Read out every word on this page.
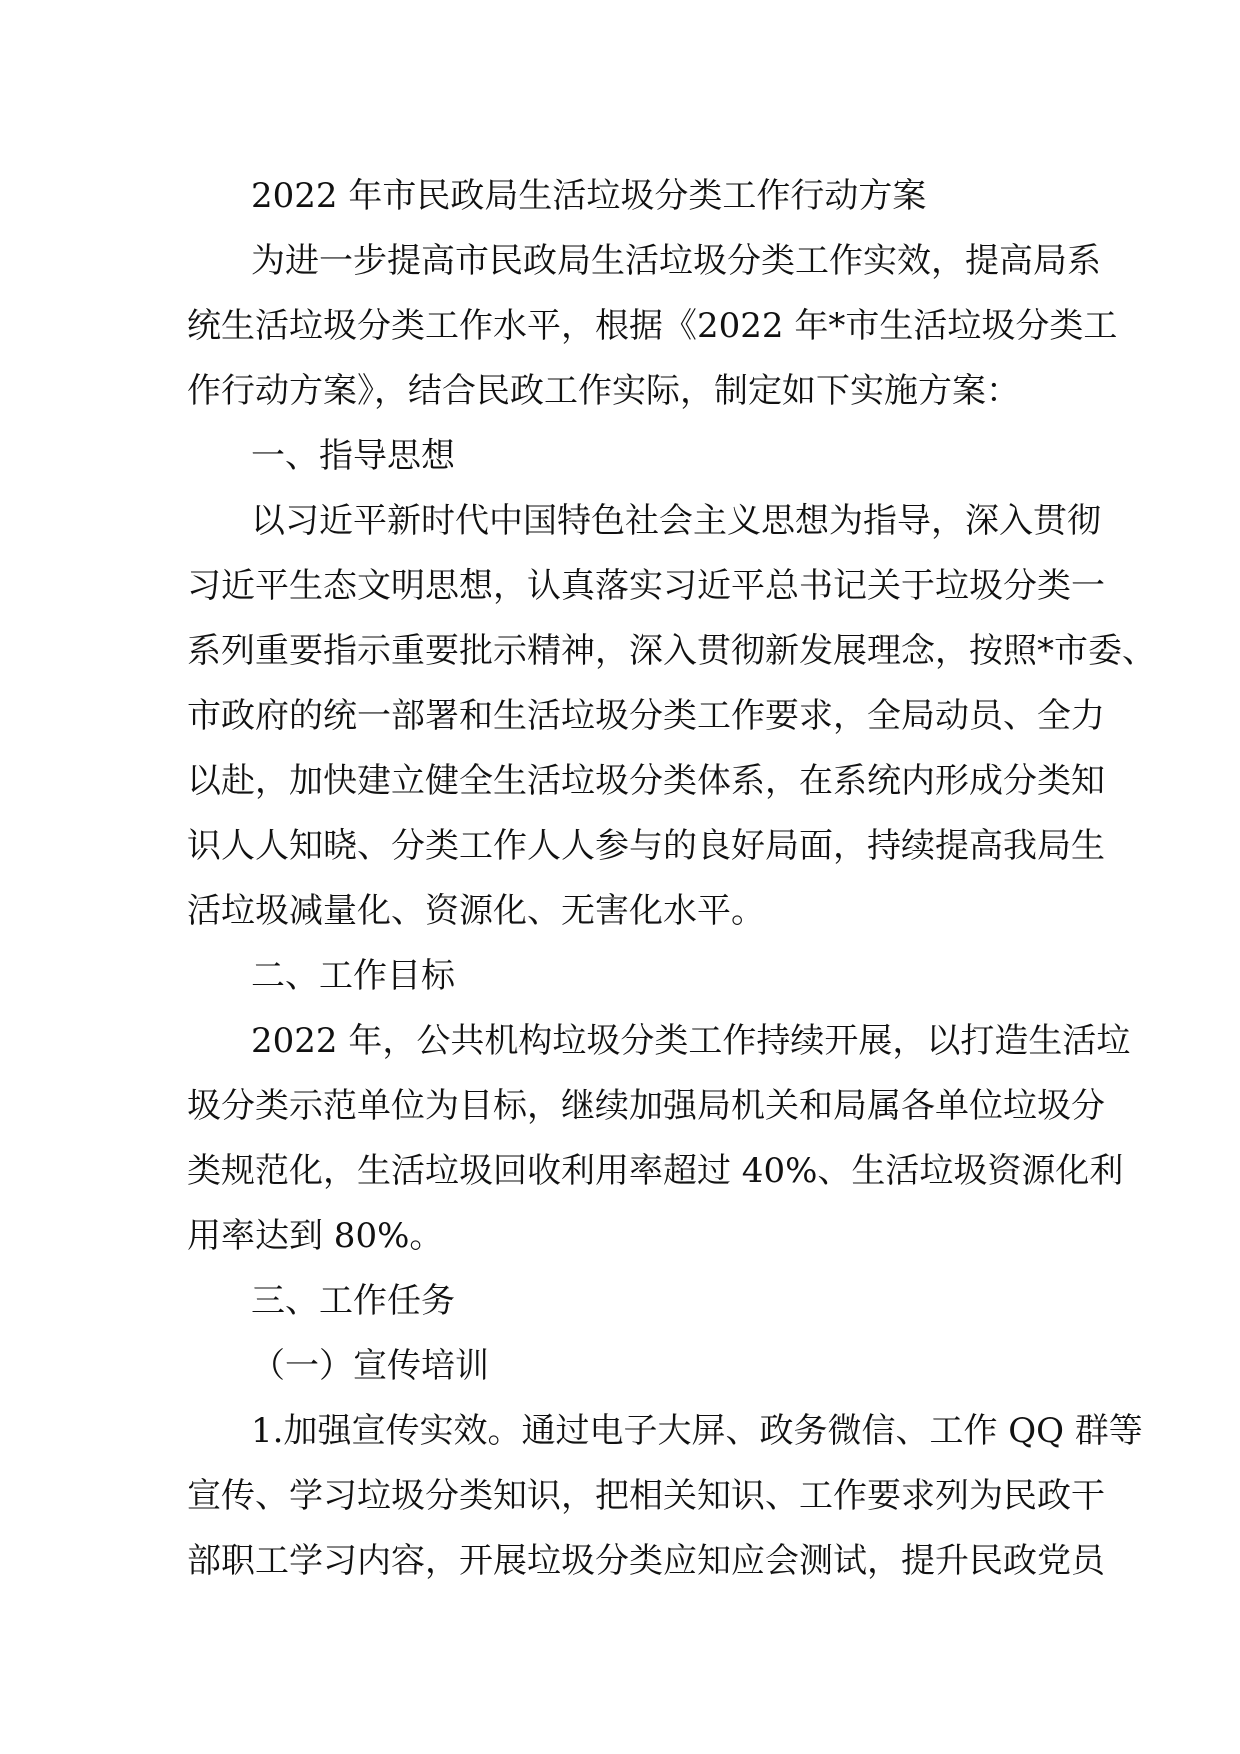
2022 年市民政局生活垃圾分类工作行动方案
为进一步提高市民政局生活垃圾分类工作实效，提高局系
统生活垃圾分类工作水平，根据《2022 年*市生活垃圾分类工
作行动方案》，结合民政工作实际，制定如下实施方案：
一、指导思想
以习近平新时代中国特色社会主义思想为指导，深入贯彻
习近平生态文明思想，认真落实习近平总书记关于垃圾分类一
系列重要指示重要批示精神，深入贯彻新发展理念，按照*市委、
市政府的统一部署和生活垃圾分类工作要求，全局动员、全力
以赴，加快建立健全生活垃圾分类体系，在系统内形成分类知
识人人知晓、分类工作人人参与的良好局面，持续提高我局生
活垃圾减量化、资源化、无害化水平。
二、工作目标
2022 年，公共机构垃圾分类工作持续开展，以打造生活垃
圾分类示范单位为目标，继续加强局机关和局属各单位垃圾分
类规范化，生活垃圾回收利用率超过 40%、生活垃圾资源化利
用率达到 80%。
三、工作任务
（一）宣传培训
1.加强宣传实效。通过电子大屏、政务微信、工作 QQ 群等
宣传、学习垃圾分类知识，把相关知识、工作要求列为民政干
部职工学习内容，开展垃圾分类应知应会测试，提升民政党员
